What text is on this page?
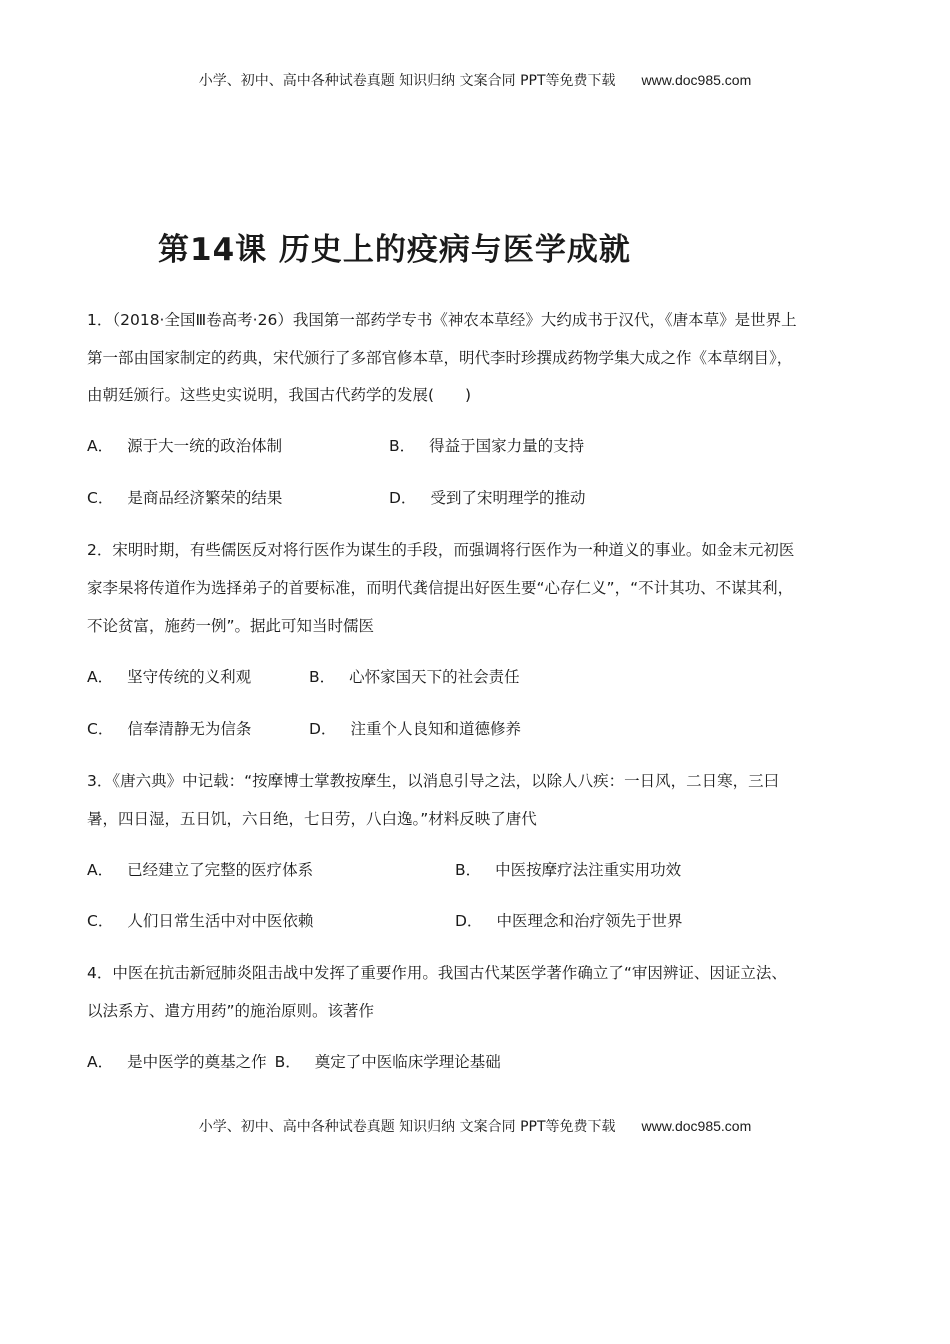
小学、初中、高中各种试卷真题 知识归纳 文案合同 PPT等免费下载 www.doc985.com
第14课 历史上的疫病与医学成就
1．（2018·全国Ⅲ卷高考·26）我国第一部药学专书《神农本草经》大约成书于汉代，《唐本草》是世界上
第一部由国家制定的药典，宋代颁行了多部官修本草，明代李时珍撰成药物学集大成之作《本草纲目》，
由朝廷颁行。这些史实说明，我国古代药学的发展(　　)
A． 源于大一统的政治体制	B． 得益于国家力量的支持
C． 是商品经济繁荣的结果	D． 受到了宋明理学的推动
2．宋明时期，有些儒医反对将行医作为谋生的手段，而强调将行医作为一种道义的事业。如金末元初医
家李杲将传道作为选择弟子的首要标准，而明代龚信提出好医生要“心存仁义”，“不计其功、不谋其利，
不论贫富，施药一例”。据此可知当时儒医
A． 坚守传统的义利观	B． 心怀家国天下的社会责任
C． 信奉清静无为信条	D． 注重个人良知和道德修养
3．《唐六典》中记载：“按摩博士掌教按摩生，以消息引导之法，以除人八疾：一日风，二日寒，三曰
暑，四日湿，五日饥，六日绝，七日劳，八白逸。”材料反映了唐代
A． 已经建立了完整的医疗体系	B． 中医按摩疗法注重实用功效
C． 人们日常生活中对中医依赖	D． 中医理念和治疗领先于世界
4．中医在抗击新冠肺炎阻击战中发挥了重要作用。我国古代某医学著作确立了“审因辨证、因证立法、
以法系方、遣方用药”的施治原则。该著作
A． 是中医学的奠基之作 B． 奠定了中医临床学理论基础
小学、初中、高中各种试卷真题 知识归纳 文案合同 PPT等免费下载 www.doc985.com
